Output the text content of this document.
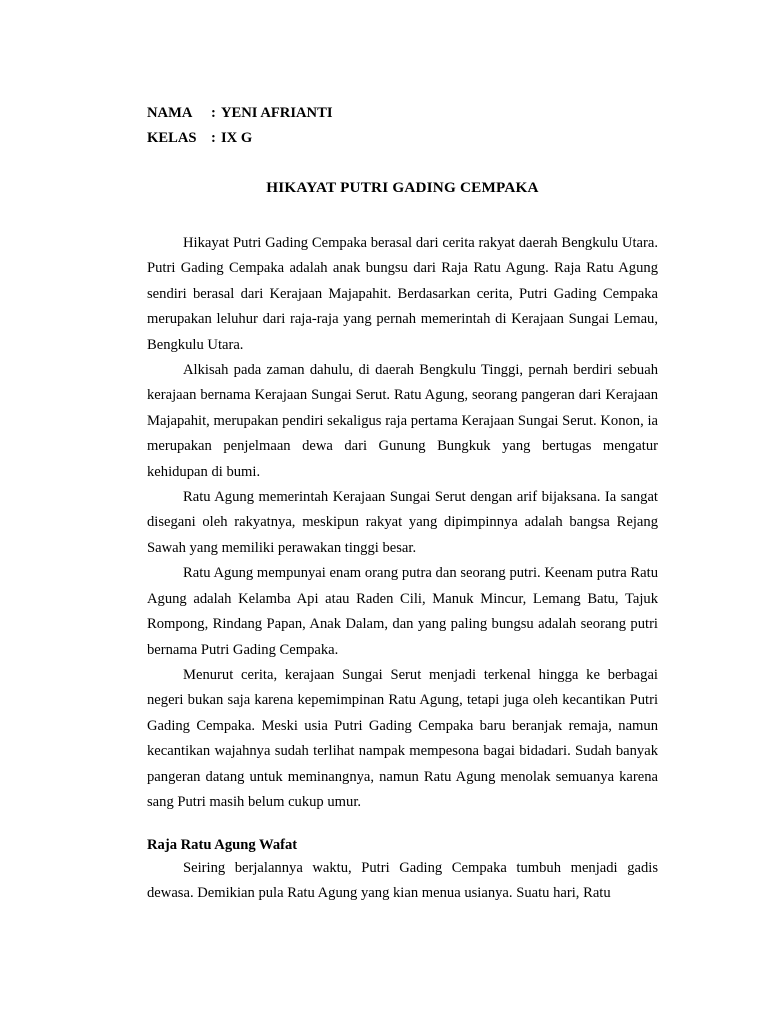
NAMA	: YENI AFRIANTI
KELAS : IX G
HIKAYAT PUTRI GADING CEMPAKA

Hikayat Putri Gading Cempaka berasal dari cerita rakyat daerah Bengkulu Utara. Putri Gading Cempaka adalah anak bungsu dari Raja Ratu Agung. Raja Ratu Agung sendiri berasal dari Kerajaan Majapahit. Berdasarkan cerita, Putri Gading Cempaka merupakan leluhur dari raja-raja yang pernah memerintah di Kerajaan Sungai Lemau, Bengkulu Utara.

Alkisah pada zaman dahulu, di daerah Bengkulu Tinggi, pernah berdiri sebuah kerajaan bernama Kerajaan Sungai Serut. Ratu Agung, seorang pangeran dari Kerajaan Majapahit, merupakan pendiri sekaligus raja pertama Kerajaan Sungai Serut. Konon, ia merupakan penjelmaan dewa dari Gunung Bungkuk yang bertugas mengatur kehidupan di bumi.

Ratu Agung memerintah Kerajaan Sungai Serut dengan arif bijaksana. Ia sangat disegani oleh rakyatnya, meskipun rakyat yang dipimpinnya adalah bangsa Rejang Sawah yang memiliki perawakan tinggi besar.

Ratu Agung mempunyai enam orang putra dan seorang putri. Keenam putra Ratu Agung adalah Kelamba Api atau Raden Cili, Manuk Mincur, Lemang Batu, Tajuk Rompong, Rindang Papan, Anak Dalam, dan yang paling bungsu adalah seorang putri bernama Putri Gading Cempaka.

Menurut cerita, kerajaan Sungai Serut menjadi terkenal hingga ke berbagai negeri bukan saja karena kepemimpinan Ratu Agung, tetapi juga oleh kecantikan Putri Gading Cempaka. Meski usia Putri Gading Cempaka baru beranjak remaja, namun kecantikan wajahnya sudah terlihat nampak mempesona bagai bidadari. Sudah banyak pangeran datang untuk meminangnya, namun Ratu Agung menolak semuanya karena sang Putri masih belum cukup umur.

Raja Ratu Agung Wafat

Seiring berjalannya waktu, Putri Gading Cempaka tumbuh menjadi gadis dewasa. Demikian pula Ratu Agung yang kian menua usianya. Suatu hari, Ratu
